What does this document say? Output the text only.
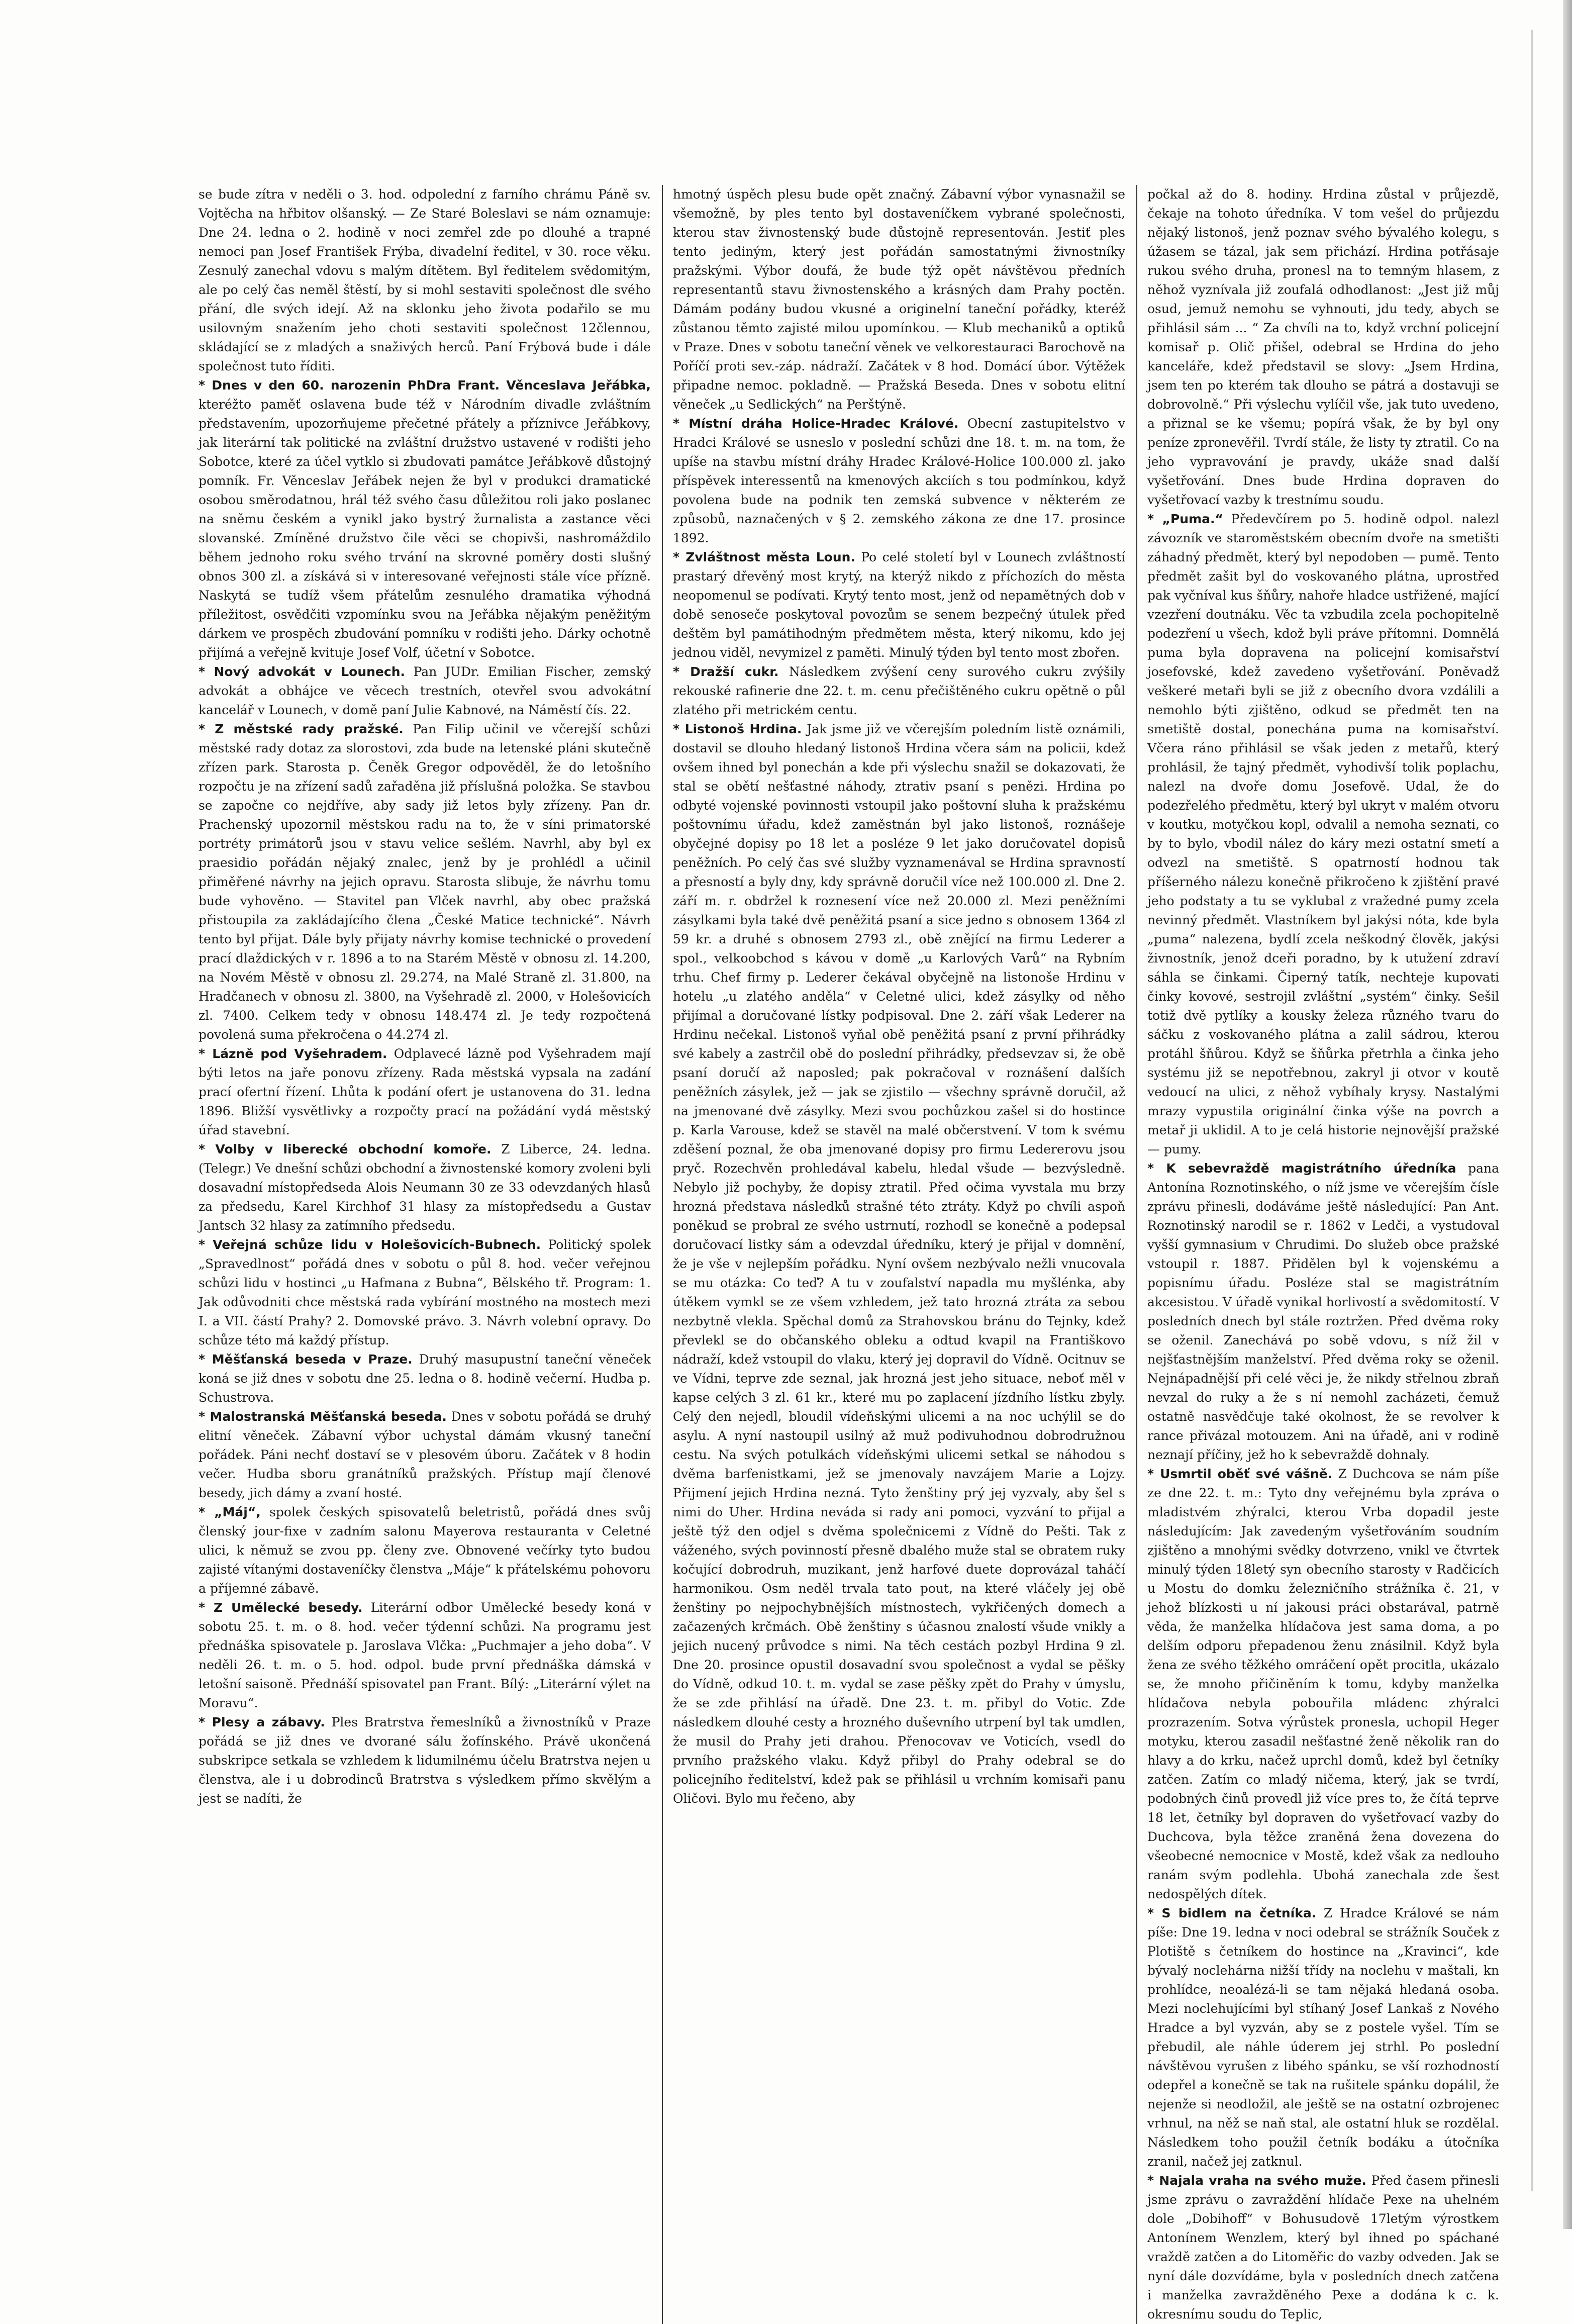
se bude zítra v neděli o 3. hod. odpolední z farního chrámu Páně sv. Vojtěcha na hřbitov olšanský. — Ze Staré Boleslavi se nám oznamuje: Dne 24. ledna o 2. hodině v noci zemřel zde po dlouhé a trapné nemoci pan Josef František Frýba, divadelní ředitel, v 30. roce věku. Zesnulý zanechal vdovu s malým dítětem. Byl ředitelem svědomitým, ale po celý čas neměl štěstí, by si mohl sestaviti společnost dle svého přání, dle svých idejí. Až na sklonku jeho života podařilo se mu usilovným snažením jeho choti sestaviti společnost 12člennou, skládající se z mladých a snaživých herců. Paní Frýbová bude i dále společnost tuto říditi.

* Dnes v den 60. narozenin PhDra Frant. Věnceslava Jeřábka, kteréžto paměť oslavena bude též v Národním divadle zvláštním představením, upozorňujeme přečetné přátely a příznivce Jeřábkovy, jak literární tak politické na zvláštní družstvo ustavené v rodišti jeho Sobotce, které za účel vytklo si zbudovati památce Jeřábkově důstojný pomník. Fr. Věnceslav Jeřábek nejen že byl v produkci dramatické osobou směrodatnou, hrál též svého času důležitou roli jako poslanec na sněmu českém a vynikl jako bystrý žurnalista a zastance věci slovanské. Zmíněné družstvo čile věci se chopivši, nashromáždilo během jednoho roku svého trvání na skrovné poměry dosti slušný obnos 300 zl. a získává si v interesované veřejnosti stále více přízně. Naskytá se tudíž všem přátelům zesnulého dramatika výhodná příležitost, osvědčiti vzpomínku svou na Jeřábka nějakým peněžitým dárkem ve prospěch zbudování pomníku v rodišti jeho. Dárky ochotně přijímá a veřejně kvituje Josef Volf, účetní v Sobotce.

* Nový advokát v Lounech. Pan JUDr. Emilian Fischer, zemský advokát a obhájce ve věcech trestních, otevřel svou advokátní kancelář v Lounech, v domě paní Julie Kabnové, na Náměstí čís. 22.

* Z městské rady pražské. Pan Filip učinil ve včerejší schůzi městské rady dotaz za slorostovi, zda bude na letenské pláni skutečně zřízen park. Starosta p. Čeněk Gregor odpověděl, že do letošního rozpočtu je na zřízení sadů zařaděna již příslušná položka. Se stavbou se započne co nejdříve, aby sady již letos byly zřízeny. Pan dr. Prachenský upozornil městskou radu na to, že v síni primatorské portréty primátorů jsou v stavu velice sešlém. Navrhl, aby byl ex praesidio pořádán nějaký znalec, jenž by je prohlédl a učinil přiměřené návrhy na jejich opravu. Starosta slibuje, že návrhu tomu bude vyhověno. — Stavitel pan Vlček navrhl, aby obec pražská přistoupila za zakládajícího člena „České Matice technické“. Návrh tento byl přijat. Dále byly přijaty návrhy komise technické o provedení prací dlaždických v r. 1896 a to na Starém Městě v obnosu zl. 14.200, na Novém Městě v obnosu zl. 29.274, na Malé Straně zl. 31.800, na Hradčanech v obnosu zl. 3800, na Vyšehradě zl. 2000, v Holešovicích zl. 7400. Celkem tedy v obnosu 148.474 zl. Je tedy rozpočtená povolená suma překročena o 44.274 zl.

* Lázně pod Vyšehradem. Odplavecé lázně pod Vyšehradem mají býti letos na jaře ponovu zřízeny. Rada městská vypsala na zadání prací ofertní řízení. Lhůta k podání ofert je ustanovena do 31. ledna 1896. Bližší vysvětlivky a rozpočty prací na požádání vydá městský úřad stavební.

* Volby v liberecké obchodní komoře. Z Liberce, 24. ledna. (Telegr.) Ve dnešní schůzi obchodní a živnostenské komory zvoleni byli dosavadní místopředseda Alois Neumann 30 ze 33 odevzdaných hlasů za předsedu, Karel Kirchhof 31 hlasy za místopředsedu a Gustav Jantsch 32 hlasy za zatímního předsedu.

* Veřejná schůze lidu v Holešovicích-Bubnech. Politický spolek „Spravedlnost“ pořádá dnes v sobotu o půl 8. hod. večer veřejnou schůzi lidu v hostinci „u Hafmana z Bubna“, Bělského tř. Program: 1. Jak odůvodniti chce městská rada vybírání mostného na mostech mezi I. a VII. částí Prahy? 2. Domovské právo. 3. Návrh volební opravy. Do schůze této má každý přístup.

* Měšťanská beseda v Praze. Druhý masupustní taneční věneček koná se již dnes v sobotu dne 25. ledna o 8. hodině večerní. Hudba p. Schustrova.

* Malostranská Měšťanská beseda. Dnes v sobotu pořádá se druhý elitní věneček. Zábavní výbor uchystal dámám vkusný taneční pořádek. Páni nechť dostaví se v plesovém úboru. Začátek v 8 hodin večer. Hudba sboru granátníků pražských. Přístup mají členové besedy, jich dámy a zvaní hosté.

* „Máj“, spolek českých spisovatelů beletristů, pořádá dnes svůj členský jour-fixe v zadním salonu Mayerova restauranta v Celetné ulici, k němuž se zvou pp. členy zve. Obnovené večírky tyto budou zajisté vítanými dostaveníčky členstva „Máje“ k přátelskému pohovoru a příjemné zábavě.

* Z Umělecké besedy. Literární odbor Umělecké besedy koná v sobotu 25. t. m. o 8. hod. večer týdenní schůzi. Na programu jest přednáška spisovatele p. Jaroslava Vlčka: „Puchmajer a jeho doba“. V neděli 26. t. m. o 5. hod. odpol. bude první přednáška dámská v letošní saisoně. Přednáší spisovatel pan Frant. Bílý: „Literární výlet na Moravu“.

* Plesy a zábavy. Ples Bratrstva řemeslníků a živnostníků v Praze pořádá se již dnes ve dvorané sálu žofínského. Právě ukončená subskripce setkala se vzhledem k lidumilnému účelu Bratrstva nejen u členstva, ale i u dobrodinců Bratrstva s výsledkem přímo skvělým a jest se nadíti, že

hmotný úspěch plesu bude opět značný. Zábavní výbor vynasnažil se všemožně, by ples tento byl dostaveníčkem vybrané společnosti, kterou stav živnostenský bude důstojně representován. Jestiť ples tento jediným, který jest pořádán samostatnými živnostníky pražskými. Výbor doufá, že bude týž opět návštěvou předních representantů stavu živnostenského a krásných dam Prahy poctěn. Dámám podány budou vkusné a originelní taneční pořádky, kteréž zůstanou těmto zajisté milou upomínkou. — Klub mechaniků a optiků v Praze. Dnes v sobotu taneční věnek ve velkorestauraci Barochově na Poříčí proti sev.-záp. nádraží. Začátek v 8 hod. Domácí úbor. Výtěžek připadne nemoc. pokladně. — Pražská Beseda. Dnes v sobotu elitní věneček „u Sedlických“ na Perštýně.

* Místní dráha Holice-Hradec Králové. Obecní zastupitelstvo v Hradci Králové se usneslo v poslední schůzi dne 18. t. m. na tom, že upíše na stavbu místní dráhy Hradec Králové-Holice 100.000 zl. jako příspěvek interessentů na kmenových akciích s tou podmínkou, když povolena bude na podnik ten zemská subvence v některém ze způsobů, naznačených v § 2. zemského zákona ze dne 17. prosince 1892.

* Zvláštnost města Loun. Po celé století byl v Lounech zvláštností prastarý dřevěný most krytý, na kterýž nikdo z příchozích do města neopomenul se podívati. Krytý tento most, jenž od nepamětných dob v době senoseče poskytoval povozům se senem bezpečný útulek před deštěm byl památihodným předmětem města, který nikomu, kdo jej jednou viděl, nevymizel z paměti. Minulý týden byl tento most zbořen.

* Dražší cukr. Následkem zvýšení ceny surového cukru zvýšily rekouské rafinerie dne 22. t. m. cenu přečištěného cukru opětně o půl zlatého při metrickém centu.

* Listonoš Hrdina. Jak jsme již ve včerejším poledním listě oznámili, dostavil se dlouho hledaný listonoš Hrdina včera sám na policii, kdež ovšem ihned byl ponechán a kde při výslechu snažil se dokazovati, že stal se obětí nešťastné náhody, ztrativ psaní s penězi. Hrdina po odbyté vojenské povinnosti vstoupil jako poštovní sluha k pražskému poštovnímu úřadu, kdež zaměstnán byl jako listonoš, roznášeje obyčejné dopisy po 18 let a posléze 9 let jako doručovatel dopisů peněžních. Po celý čas své služby vyznamenával se Hrdina spravností a přesností a byly dny, kdy správně doručil více než 100.000 zl. Dne 2. září m. r. obdržel k roznesení více než 20.000 zl. Mezi peněžními zásylkami byla také dvě peněžitá psaní a sice jedno s obnosem 1364 zl 59 kr. a druhé s obnosem 2793 zl., obě znějící na firmu Lederer a spol., velkoobchod s kávou v domě „u Karlových Varů“ na Rybním trhu. Chef firmy p. Lederer čekával obyčejně na listonoše Hrdinu v hotelu „u zlatého anděla“ v Celetné ulici, kdež zásylky od něho přijímal a doručované lístky podpisoval. Dne 2. září však Lederer na Hrdinu nečekal. Listonoš vyňal obě peněžitá psaní z první přihrádky své kabely a zastrčil obě do poslední přihrádky, předsevzav si, že obě psaní doručí až naposled; pak pokračoval v roznášení dalších peněžních zásylek, jež — jak se zjistilo — všechny správně doručil, až na jmenované dvě zásylky. Mezi svou pochůzkou zašel si do hostince p. Karla Varouse, kdež se stavěl na malé občerstvení. V tom k svému zděšení poznal, že oba jmenované dopisy pro firmu Ledererovu jsou pryč. Rozechvěn prohledával kabelu, hledal všude — bezvýsledně. Nebylo již pochyby, že dopisy ztratil. Před očima vyvstala mu brzy hrozná představa následků strašné této ztráty. Když po chvíli aspoň poněkud se probral ze svého ustrnutí, rozhodl se konečně a podepsal doručovací listky sám a odevzdal úředníku, který je přijal v domnění, že je vše v nejlepším pořádku. Nyní ovšem nezbývalo nežli vnucovala se mu otázka: Co teď? A tu v zoufalství napadla mu myšlénka, aby útěkem vymkl se ze všem vzhledem, jež tato hrozná ztráta za sebou nezbytně vlekla. Spěchal domů za Strahovskou bránu do Tejnky, kdež převlekl se do občanského obleku a odtud kvapil na Františkovo nádraží, kdež vstoupil do vlaku, který jej dopravil do Vídně. Ocitnuv se ve Vídni, teprve zde seznal, jak hrozná jest jeho situace, neboť měl v kapse celých 3 zl. 61 kr., které mu po zaplacení jízdního lístku zbyly. Celý den nejedl, bloudil vídeňskými ulicemi a na noc uchýlil se do asylu. A nyní nastoupil usilný až muž podivuhodnou dobrodružnou cestu. Na svých potulkách vídeňskými ulicemi setkal se náhodou s dvěma barfenistkami, jež se jmenovaly navzájem Marie a Lojzy. Přijmení jejich Hrdina nezná. Tyto ženštiny prý jej vyzvaly, aby šel s nimi do Uher. Hrdina neváda si rady ani pomoci, vyzvání to přijal a ještě týž den odjel s dvěma společnicemi z Vídně do Pešti. Tak z váženého, svých povinností přesně dbalého muže stal se obratem ruky kočující dobrodruh, muzikant, jenž harfové duete doprovázal taháčí harmonikou. Osm neděl trvala tato pout, na které vláčely jej obě ženštiny po nejpochybnějších místnostech, vykřičených domech a začazených krčmách. Obě ženštiny s účasnou znalostí všude vnikly a jejich nucený průvodce s nimi. Na těch cestách pozbyl Hrdina 9 zl. Dne 20. prosince opustil dosavadní svou společnost a vydal se pěšky do Vídně, odkud 10. t. m. vydal se zase pěšky zpět do Prahy v úmyslu, že se zde přihlásí na úřadě. Dne 23. t. m. přibyl do Votic. Zde následkem dlouhé cesty a hrozného duševního utrpení byl tak umdlen, že musil do Prahy jeti drahou. Přenocovav ve Voticích, vsedl do prvního pražského vlaku. Když přibyl do Prahy odebral se do policejního ředitelství, kdež pak se přihlásil u vrchním komisaři panu Oličovi. Bylo mu řečeno, aby

počkal až do 8. hodiny. Hrdina zůstal v průjezdě, čekaje na tohoto úředníka. V tom vešel do průjezdu nějaký listonoš, jenž poznav svého bývalého kolegu, s úžasem se tázal, jak sem přichází. Hrdina potřásaje rukou svého druha, pronesl na to temným hlasem, z něhož vyznívala již zoufalá odhodlanost: „Jest již můj osud, jemuž nemohu se vyhnouti, jdu tedy, abych se přihlásil sám ... “ Za chvíli na to, když vrchní policejní komisař p. Olič přišel, odebral se Hrdina do jeho kanceláře, kdež představil se slovy: „Jsem Hrdina, jsem ten po kterém tak dlouho se pátrá a dostavuji se dobrovolně.“ Při výslechu vylíčil vše, jak tuto uvedeno, a přiznal se ke všemu; popírá však, že by byl ony peníze zpronevěřil. Tvrdí stále, že listy ty ztratil. Co na jeho vypravování je pravdy, ukáže snad další vyšetřování. Dnes bude Hrdina dopraven do vyšetřovací vazby k trestnímu soudu.

* „Puma.“ Předevčírem po 5. hodině odpol. nalezl závozník ve staroměstském obecním dvoře na smetišti záhadný předmět, který byl nepodoben — pumě. Tento předmět zašit byl do voskovaného plátna, uprostřed pak vyčníval kus šňůry, nahoře hladce ustřižené, mající vzezření doutnáku. Věc ta vzbudila zcela pochopitelně podezření u všech, kdož byli práve přítomni. Domnělá puma byla dopravena na policejní komisařství josefovské, kdež zavedeno vyšetřování. Poněvadž veškeré metaři byli se již z obecního dvora vzdálili a nemohlo býti zjištěno, odkud se předmět ten na smetiště dostal, ponechána puma na komisařství. Včera ráno přihlásil se však jeden z metařů, který prohlásil, že tajný předmět, vyhodivší tolik poplachu, nalezl na dvoře domu Josefově. Udal, že do podezřelého předmětu, který byl ukryt v malém otvoru v koutku, motyčkou kopl, odvalil a nemoha seznati, co by to bylo, vbodil nález do káry mezi ostatní smetí a odvezl na smetiště. S opatrností hodnou tak příšerného nálezu konečně přikročeno k zjištění pravé jeho podstaty a tu se vyklubal z vražedné pumy zcela nevinný předmět. Vlastníkem byl jakýsi nóta, kde byla „puma“ nalezena, bydlí zcela neškodný člověk, jakýsi živnostník, jenož dceři poradno, by k utužení zdraví sáhla se činkami. Čiperný tatík, nechteje kupovati činky kovové, sestrojil zvláštní „systém“ činky. Sešil totiž dvě pytlíky a kousky železa různého tvaru do sáčku z voskovaného plátna a zalil sádrou, kterou protáhl šňůrou. Když se šňůrka přetrhla a činka jeho systému již se nepotřebnou, zakryl ji otvor v koutě vedoucí na ulici, z něhož vybíhaly krysy. Nastalými mrazy vypustila originální činka výše na povrch a metař ji uklidil. A to je celá historie nejnovější pražské — pumy.

* K sebevraždě magistrátního úředníka pana Antonína Roznotinského, o níž jsme ve včerejším čísle zprávu přinesli, dodáváme ještě následující: Pan Ant. Roznotinský narodil se r. 1862 v Ledči, a vystudoval vyšší gymnasium v Chrudimi. Do služeb obce pražské vstoupil r. 1887. Přidělen byl k vojenskému a popisnímu úřadu. Posléze stal se magistrátním akcesistou. V úřadě vynikal horlivostí a svědomitostí. V posledních dnech byl stále roztržen. Před dvěma roky se oženil. Zanechává po sobě vdovu, s níž žil v nejšťastnějším manželství. Před dvěma roky se oženil. Nejnápadnější při celé věci je, že nikdy střelnou zbraň nevzal do ruky a že s ní nemohl zacházeti, čemuž ostatně nasvědčuje také okolnost, že se revolver k rance přivázal motouzem. Ani na úřadě, ani v rodině neznají příčiny, jež ho k sebevraždě dohnaly.

* Usmrtil oběť své vášně. Z Duchcova se nám píše ze dne 22. t. m.: Tyto dny veřejnému byla zpráva o mladistvém zhýralci, kterou Vrba dopadil jeste následujícím: Jak zavedeným vyšetřováním soudním zjištěno a mnohými svědky dotvrzeno, vnikl ve čtvrtek minulý týden 18letý syn obecního starosty v Radčicích u Mostu do domku železničního strážníka č. 21, v jehož blízkosti u ní jakousi práci obstarával, patrně věda, že manželka hlídačova jest sama doma, a po delším odporu přepadenou ženu znásilnil. Když byla žena ze svého těžkého omráčení opět procitla, ukázalo se, že mnoho přičiněním k tomu, kdyby manželka hlídačova nebyla pobouřila mládenc zhýralci prozrazením. Sotva výrůstek pronesla, uchopil Heger motyku, kterou zasadil nešťastné ženě několik ran do hlavy a do krku, načež uprchl domů, kdež byl četníky zatčen. Zatím co mladý ničema, který, jak se tvrdí, podobných činů provedl již více pres to, že čítá teprve 18 let, četníky byl dopraven do vyšetřovací vazby do Duchcova, byla těžce zraněná žena dovezena do všeobecné nemocnice v Mostě, kdež však za nedlouho ranám svým podlehla. Ubohá zanechala zde šest nedospělých dítek.

* S bidlem na četníka. Z Hradce Králové se nám píše: Dne 19. ledna v noci odebral se strážník Souček z Plotiště s četníkem do hostince na „Kravinci“, kde bývalý noclehárna nižší třídy na noclehu v maštali, kn prohlídce, neoalézá-li se tam nějaká hledaná osoba. Mezi noclehujícími byl stíhaný Josef Lankaš z Nového Hradce a byl vyzván, aby se z postele vyšel. Tím se přebudil, ale náhle úderem jej strhl. Po poslední návštěvou vyrušen z libého spánku, se vší rozhodností odepřel a konečně se tak na rušitele spánku dopálil, že nejenže si neodložil, ale ještě se na ostatní ozbrojenec vrhnul, na něž se naň stal, ale ostatní hluk se rozdělal. Následkem toho použil četník bodáku a útočníka zranil, načež jej zatknul.

* Najala vraha na svého muže. Před časem přinesli jsme zprávu o zavraždění hlídače Pexe na uhelném dole „Dobihoff“ v Bohusudově 17letým výrostkem Antonínem Wenzlem, který byl ihned po spáchané vraždě zatčen a do Litoměřic do vazby odveden. Jak se nyní dále dozvídáme, byla v posledních dnech zatčena i manželka zavražděného Pexe a dodána k c. k. okresnímu soudu do Teplic,
